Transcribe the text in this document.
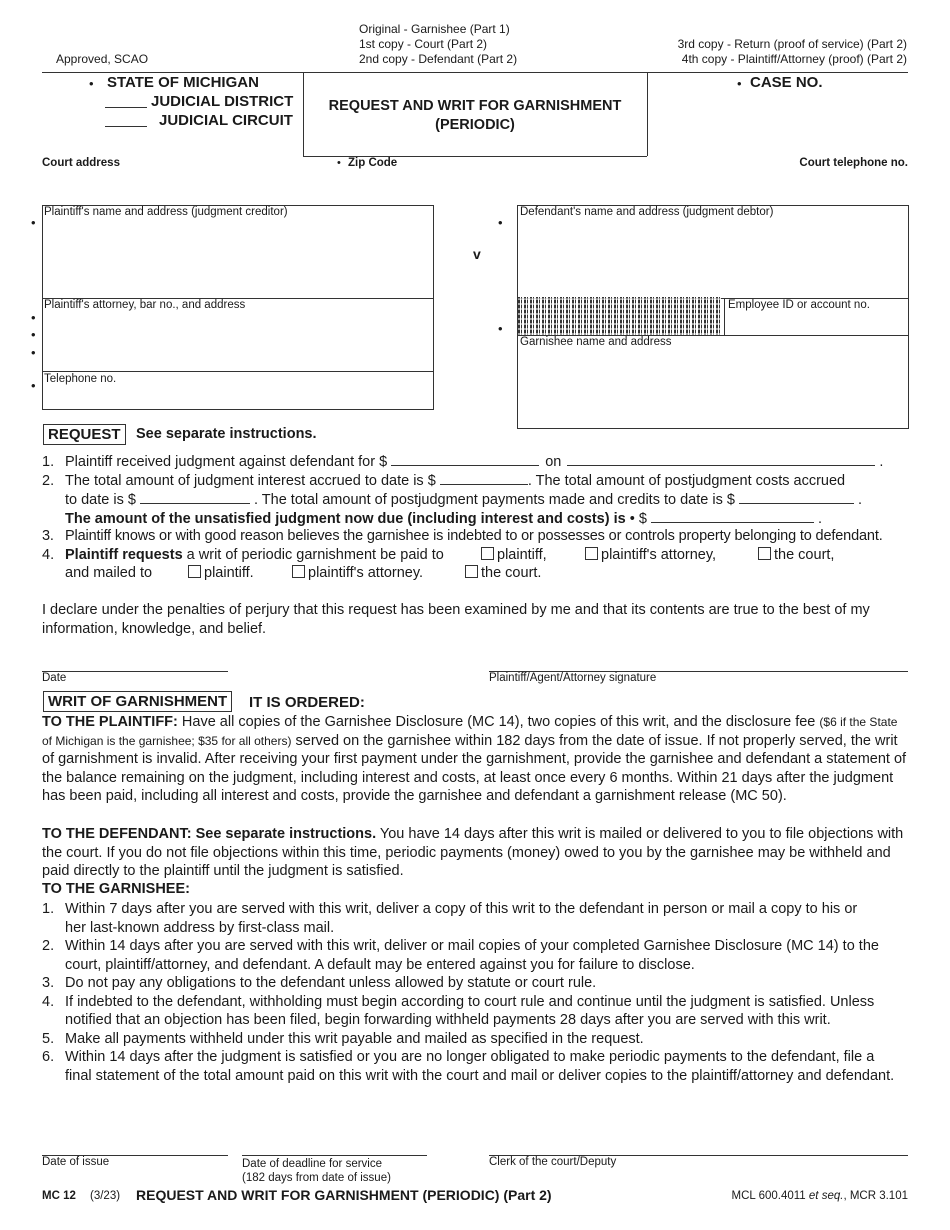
Approved, SCAO
Original - Garnishee (Part 1)
1st copy - Court (Part 2)
2nd copy - Defendant (Part 2)
3rd copy - Return (proof of service) (Part 2)
4th copy - Plaintiff/Attorney (proof) (Part 2)
• STATE OF MICHIGAN
JUDICIAL DISTRICT
JUDICIAL CIRCUIT
REQUEST AND WRIT FOR GARNISHMENT
(PERIODIC)
• CASE NO.
Court address	• Zip Code	Court telephone no.
Plaintiff's name and address (judgment creditor)
Plaintiff's attorney, bar no., and address
Telephone no.
•
•
•
•
•
v
Defendant's name and address (judgment debtor)
Employee ID or account no.
Garnishee name and address
•
•
REQUEST	See separate instructions.
1. Plaintiff received judgment against defendant for $	on	.
2. The total amount of judgment interest accrued to date is $	. The total amount of postjudgment costs accrued
to date is $	. The total amount of postjudgment payments made and credits to date is $	.
The amount of the unsatisfied judgment now due (including interest and costs) is • $	.
3. Plaintiff knows or with good reason believes the garnishee is indebted to or possesses or controls property belonging to defendant.
4. Plaintiff requests a writ of periodic garnishment be paid to	plaintiff,	plaintiff's attorney,	the court,
and mailed to	plaintiff.	plaintiff's attorney.	the court.
I declare under the penalties of perjury that this request has been examined by me and that its contents are true to the best of my information, knowledge, and belief.
Date	Plaintiff/Agent/Attorney signature
WRIT OF GARNISHMENT	IT IS ORDERED:
TO THE PLAINTIFF: Have all copies of the Garnishee Disclosure (MC 14), two copies of this writ, and the disclosure fee ($6 if the State of Michigan is the garnishee; $35 for all others) served on the garnishee within 182 days from the date of issue. If not properly served, the writ of garnishment is invalid. After receiving your first payment under the garnishment, provide the garnishee and defendant a statement of the balance remaining on the judgment, including interest and costs, at least once every 6 months. Within 21 days after the judgment has been paid, including all interest and costs, provide the garnishee and defendant a garnishment release (MC 50).
TO THE DEFENDANT: See separate instructions. You have 14 days after this writ is mailed or delivered to you to file objections with the court. If you do not file objections within this time, periodic payments (money) owed to you by the garnishee may be withheld and paid directly to the plaintiff until the judgment is satisfied.
TO THE GARNISHEE:
1. Within 7 days after you are served with this writ, deliver a copy of this writ to the defendant in person or mail a copy to his or her last-known address by first-class mail.
2. Within 14 days after you are served with this writ, deliver or mail copies of your completed Garnishee Disclosure (MC 14) to the court, plaintiff/attorney, and defendant. A default may be entered against you for failure to disclose.
3. Do not pay any obligations to the defendant unless allowed by statute or court rule.
4. If indebted to the defendant, withholding must begin according to court rule and continue until the judgment is satisfied. Unless notified that an objection has been filed, begin forwarding withheld payments 28 days after you are served with this writ.
5. Make all payments withheld under this writ payable and mailed as specified in the request.
6. Within 14 days after the judgment is satisfied or you are no longer obligated to make periodic payments to the defendant, file a final statement of the total amount paid on this writ with the court and mail or deliver copies to the plaintiff/attorney and defendant.
Date of issue	Date of deadline for service
(182 days from date of issue)
Clerk of the court/Deputy
MC 12 (3/23) REQUEST AND WRIT FOR GARNISHMENT (PERIODIC) (Part 2)	MCL 600.4011 et seq., MCR 3.101
